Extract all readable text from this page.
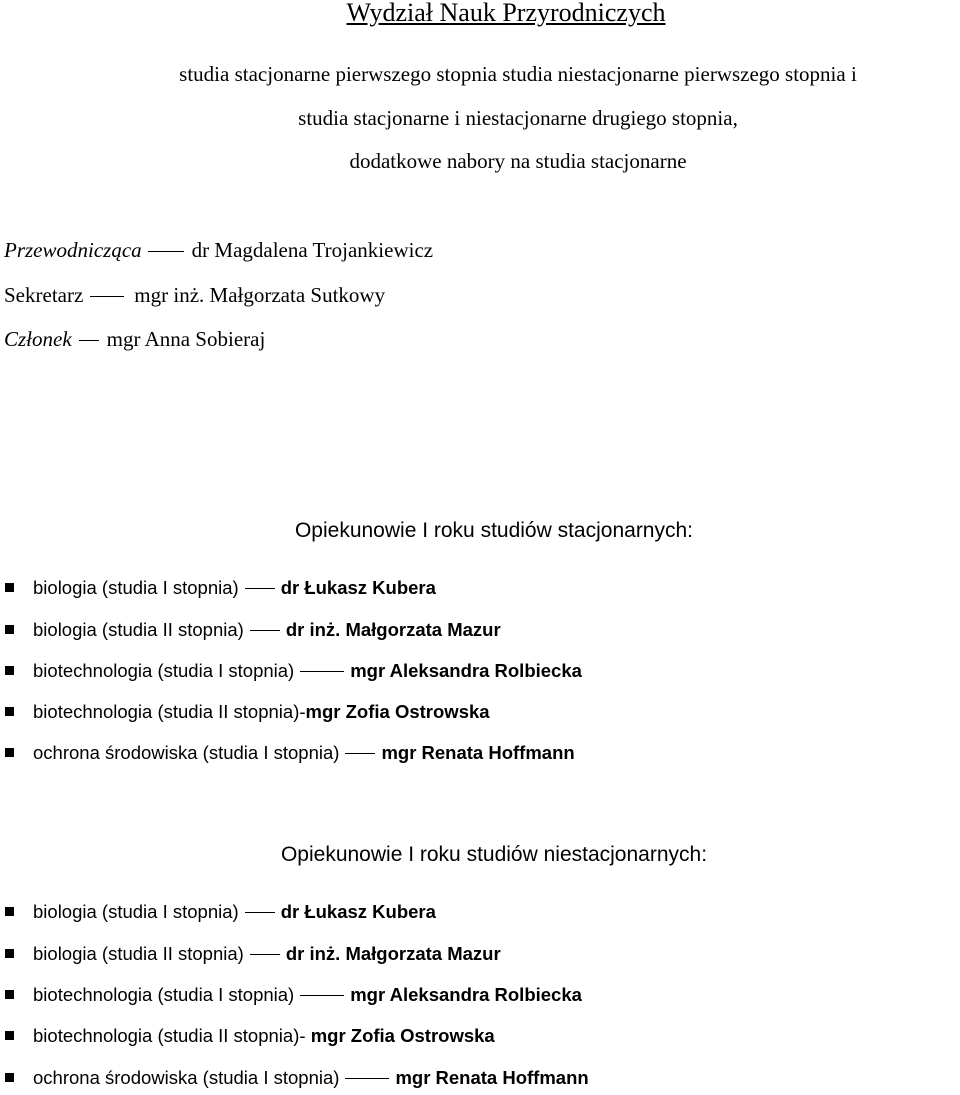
Wydział Nauk Przyrodniczych
studia stacjonarne pierwszego stopnia studia niestacjonarne pierwszego stopnia i
studia stacjonarne i niestacjonarne drugiego stopnia,
dodatkowe nabory na studia stacjonarne
Przewodnicząca dr Magdalena Trojankiewicz
Sekretarz mgr inż. Małgorzata Sutkowy
Członek mgr Anna Sobieraj
Opiekunowie I roku studiów stacjonarnych:
biologia (studia I stopnia) dr Łukasz Kubera
biologia (studia II stopnia) dr inż. Małgorzata Mazur
biotechnologia (studia I stopnia)	mgr Aleksandra Rolbiecka
biotechnologia (studia II stopnia)-mgr Zofia Ostrowska
ochrona środowiska (studia I stopnia) mgr Renata Hoffmann
Opiekunowie I roku studiów niestacjonarnych:
biologia (studia I stopnia) dr Łukasz Kubera
biologia (studia II stopnia) dr inż. Małgorzata Mazur
biotechnologia (studia I stopnia)	mgr Aleksandra Rolbiecka
biotechnologia (studia II stopnia)- mgr Zofia Ostrowska
ochrona środowiska (studia I stopnia)	mgr Renata Hoffmann
